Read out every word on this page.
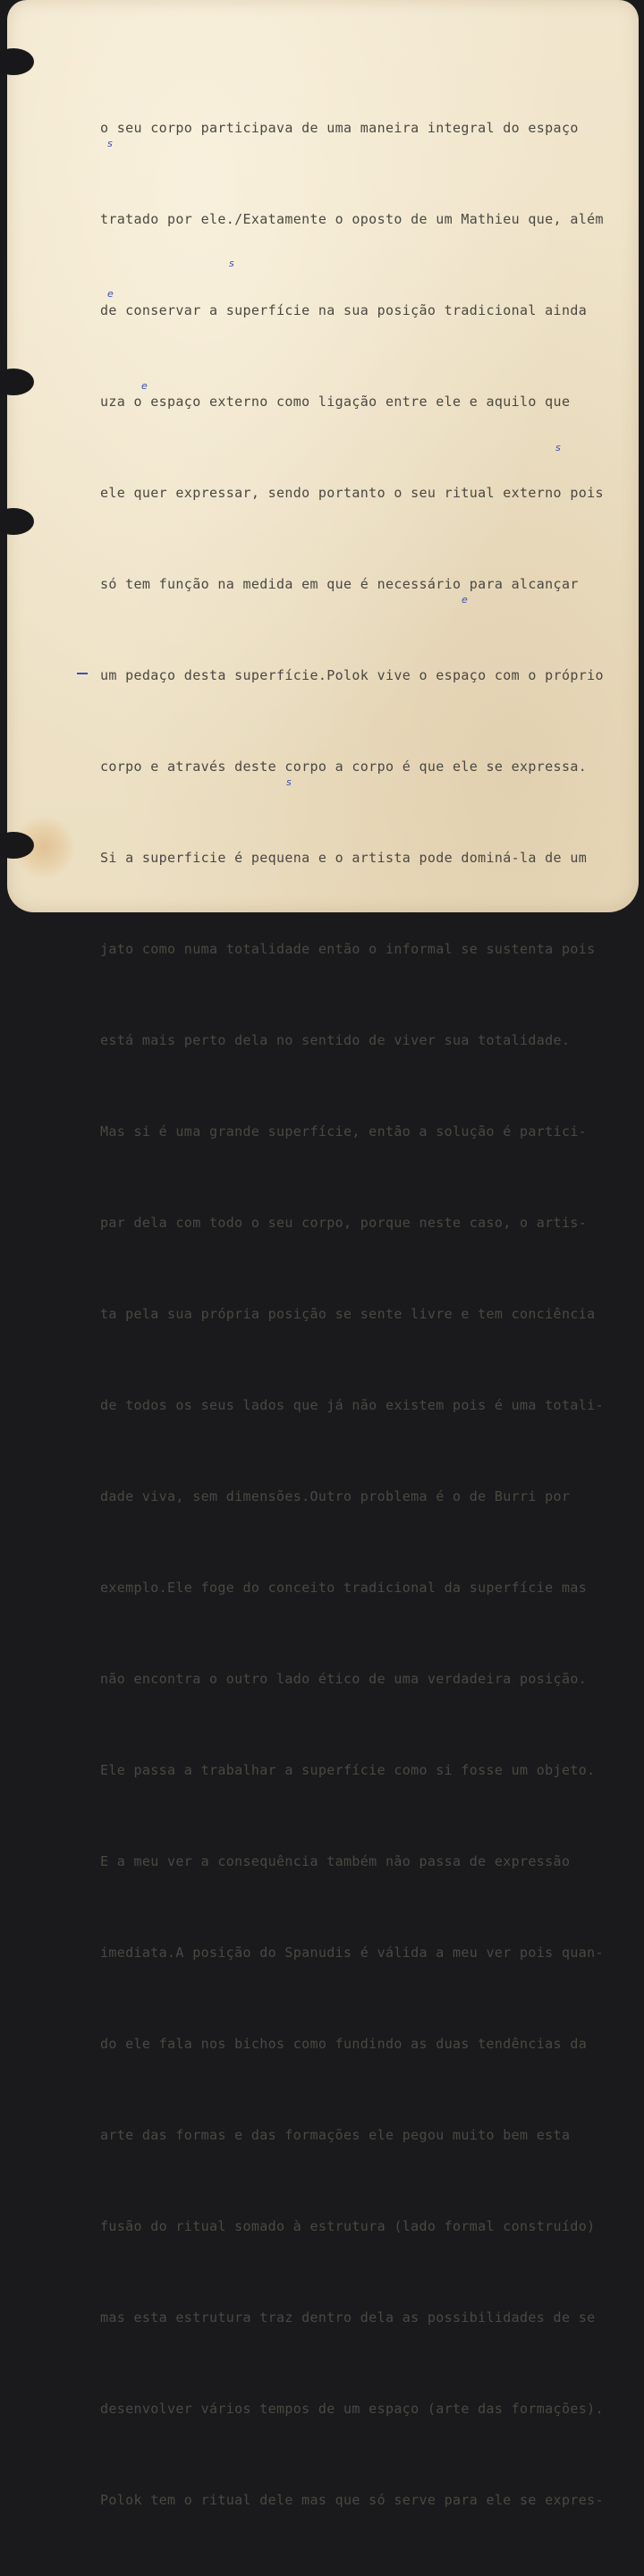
s
s
e
e
s
e
s

o seu corpo participava de uma maneira integral do espaço

tratado por ele./Exatamente o oposto de um Mathieu que, além

de conservar a superfície na sua posição tradicional ainda

uza o espaço externo como ligação entre ele e aquilo que

ele quer expressar, sendo portanto o seu ritual externo pois

só tem função na medida em que é necessário para alcançar

um pedaço desta superfície.Polok vive o espaço com o próprio

corpo e através deste corpo a corpo é que ele se expressa.

Si a superficie é pequena e o artista pode dominá-la de um

jato como numa totalidade então o informal se sustenta pois

está mais perto dela no sentido de viver sua totalidade.

Mas si é uma grande superfície, então a solução é partici-

par dela com todo o seu corpo, porque neste caso, o artis-

ta pela sua própria posição se sente livre e tem conciência

de todos os seus lados que já não existem pois é uma totali-

dade viva, sem dimensões.Outro problema é o de Burri por

exemplo.Ele foge do conceito tradicional da superfície mas

não encontra o outro lado ético de uma verdadeira posição.

Ele passa a trabalhar a superfície como si fosse um objeto.

E a meu ver a consequência também não passa de expressão

imediata.A posição do Spanudis é válida a meu ver pois quan-

do ele fala nos bichos como fundindo as duas tendências da

arte das formas e das formações ele pegou muito bem esta

fusão do ritual somado à estrutura (lado formal construído)

mas esta estrutura traz dentro dela as possibilidades de se

desenvolver vários tempos de um espaço (arte das formações).

Polok tem o ritual dele mas que só serve para ele se expres-
